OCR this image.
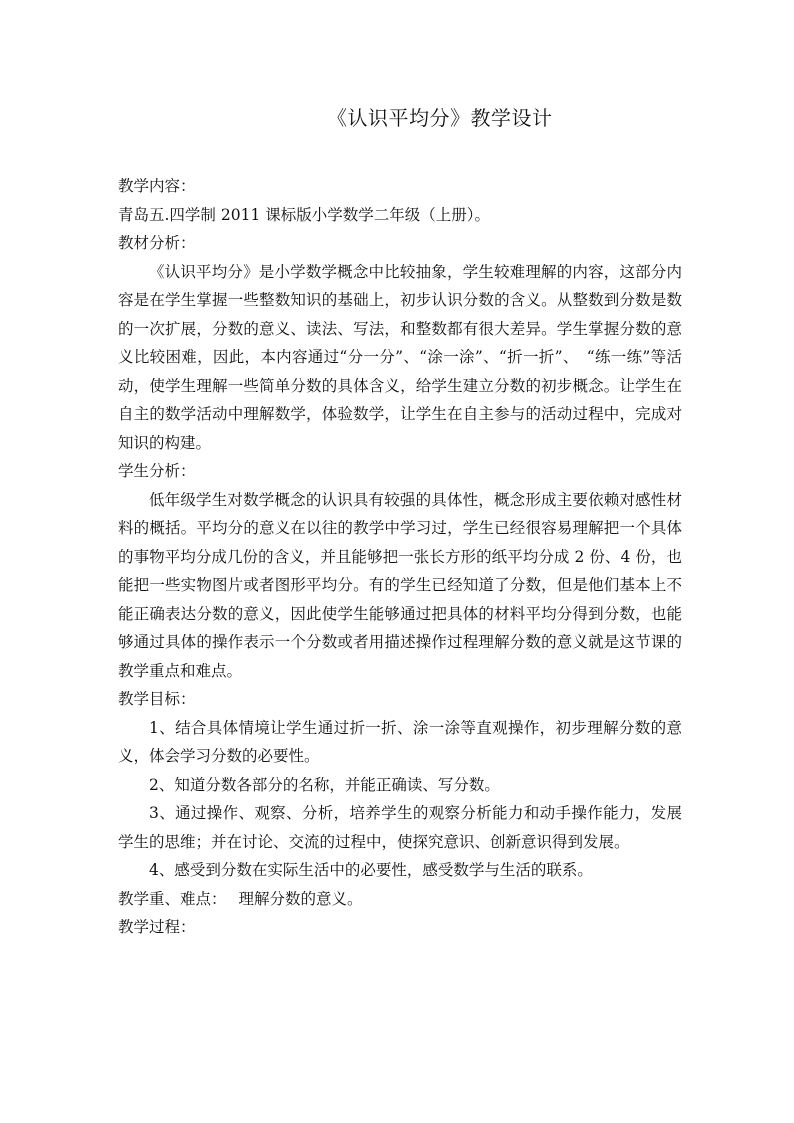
《认识平均分》教学设计

教学内容：

青岛五.四学制 2011 课标版小学数学二年级（上册）。

教材分析：

《认识平均分》是小学数学概念中比较抽象，学生较难理解的内容，这部分内容是在学生掌握一些整数知识的基础上，初步认识分数的含义。从整数到分数是数的一次扩展，分数的意义、读法、写法，和整数都有很大差异。学生掌握分数的意义比较困难，因此，本内容通过“分一分”、“涂一涂”、“折一折”、　“练一练”等活动，使学生理解一些简单分数的具体含义，给学生建立分数的初步概念。让学生在自主的数学活动中理解数学，体验数学，让学生在自主参与的活动过程中，完成对知识的构建。

学生分析：

低年级学生对数学概念的认识具有较强的具体性，概念形成主要依赖对感性材料的概括。平均分的意义在以往的教学中学习过，学生已经很容易理解把一个具体的事物平均分成几份的含义，并且能够把一张长方形的纸平均分成 2 份、4 份，也能把一些实物图片或者图形平均分。有的学生已经知道了分数，但是他们基本上不能正确表达分数的意义，因此使学生能够通过把具体的材料平均分得到分数，也能够通过具体的操作表示一个分数或者用描述操作过程理解分数的意义就是这节课的教学重点和难点。

教学目标：

1、结合具体情境让学生通过折一折、涂一涂等直观操作，初步理解分数的意义，体会学习分数的必要性。

2、知道分数各部分的名称，并能正确读、写分数。

3、通过操作、观察、分析，培养学生的观察分析能力和动手操作能力，发展学生的思维；并在讨论、交流的过程中，使探究意识、创新意识得到发展。

4、感受到分数在实际生活中的必要性，感受数学与生活的联系。

教学重、难点： 理解分数的意义。

教学过程：
